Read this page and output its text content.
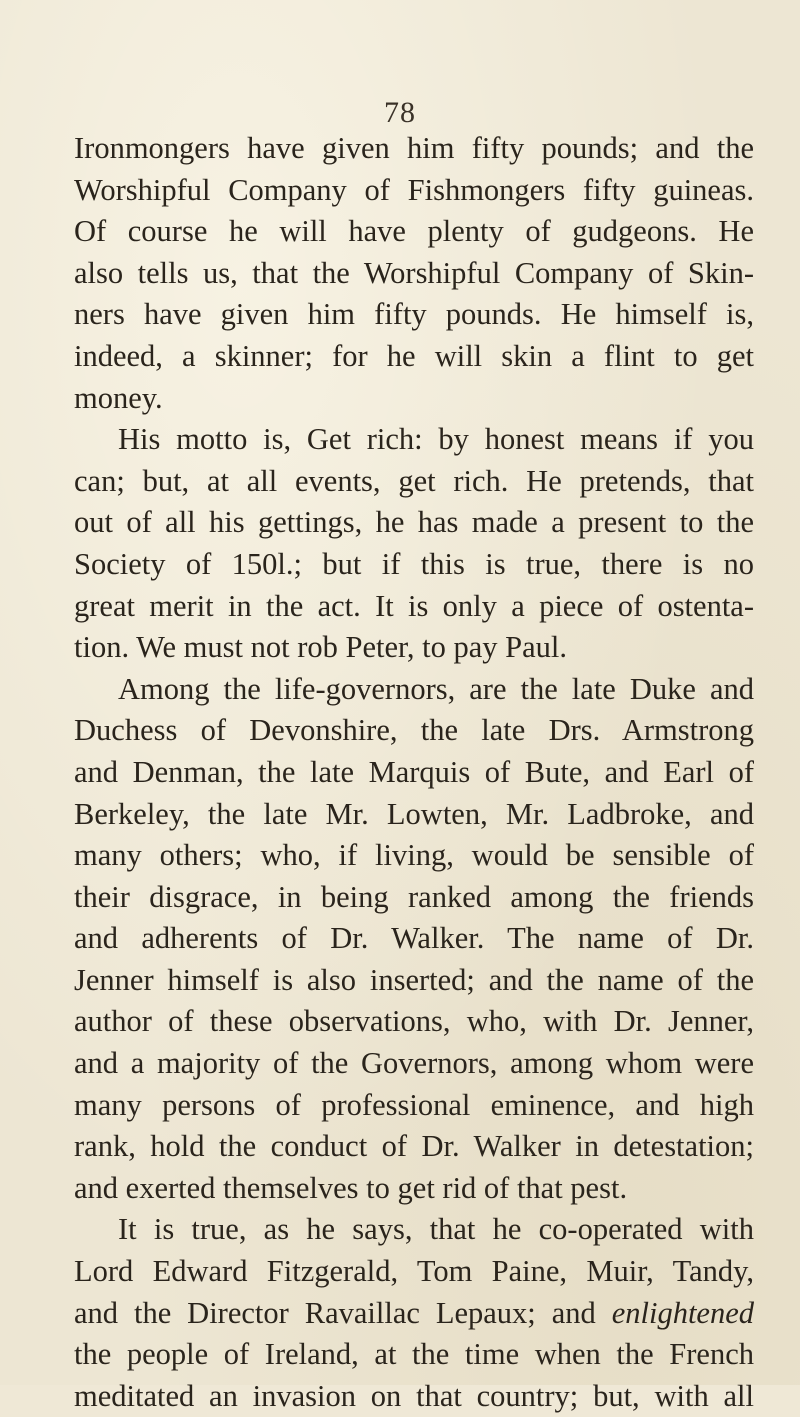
78
Ironmongers have given him fifty pounds; and the
Worshipful Company of Fishmongers fifty guineas.
Of course he will have plenty of gudgeons. He
also tells us, that the Worshipful Company of Skin-
ners have given him fifty pounds. He himself is,
indeed, a skinner; for he will skin a flint to get
money.
His motto is, Get rich: by honest means if you
can; but, at all events, get rich. He pretends, that
out of all his gettings, he has made a present to the
Society of 150l.; but if this is true, there is no
great merit in the act. It is only a piece of ostenta-
tion. We must not rob Peter, to pay Paul.
Among the life-governors, are the late Duke and
Duchess of Devonshire, the late Drs. Armstrong
and Denman, the late Marquis of Bute, and Earl of
Berkeley, the late Mr. Lowten, Mr. Ladbroke, and
many others; who, if living, would be sensible of
their disgrace, in being ranked among the friends
and adherents of Dr. Walker. The name of Dr.
Jenner himself is also inserted; and the name of the
author of these observations, who, with Dr. Jenner,
and a majority of the Governors, among whom were
many persons of professional eminence, and high
rank, hold the conduct of Dr. Walker in detestation;
and exerted themselves to get rid of that pest.
It is true, as he says, that he co-operated with
Lord Edward Fitzgerald, Tom Paine, Muir, Tandy,
and the Director Ravaillac Lepaux; and enlightened
the people of Ireland, at the time when the French
meditated an invasion on that country; but, with all
